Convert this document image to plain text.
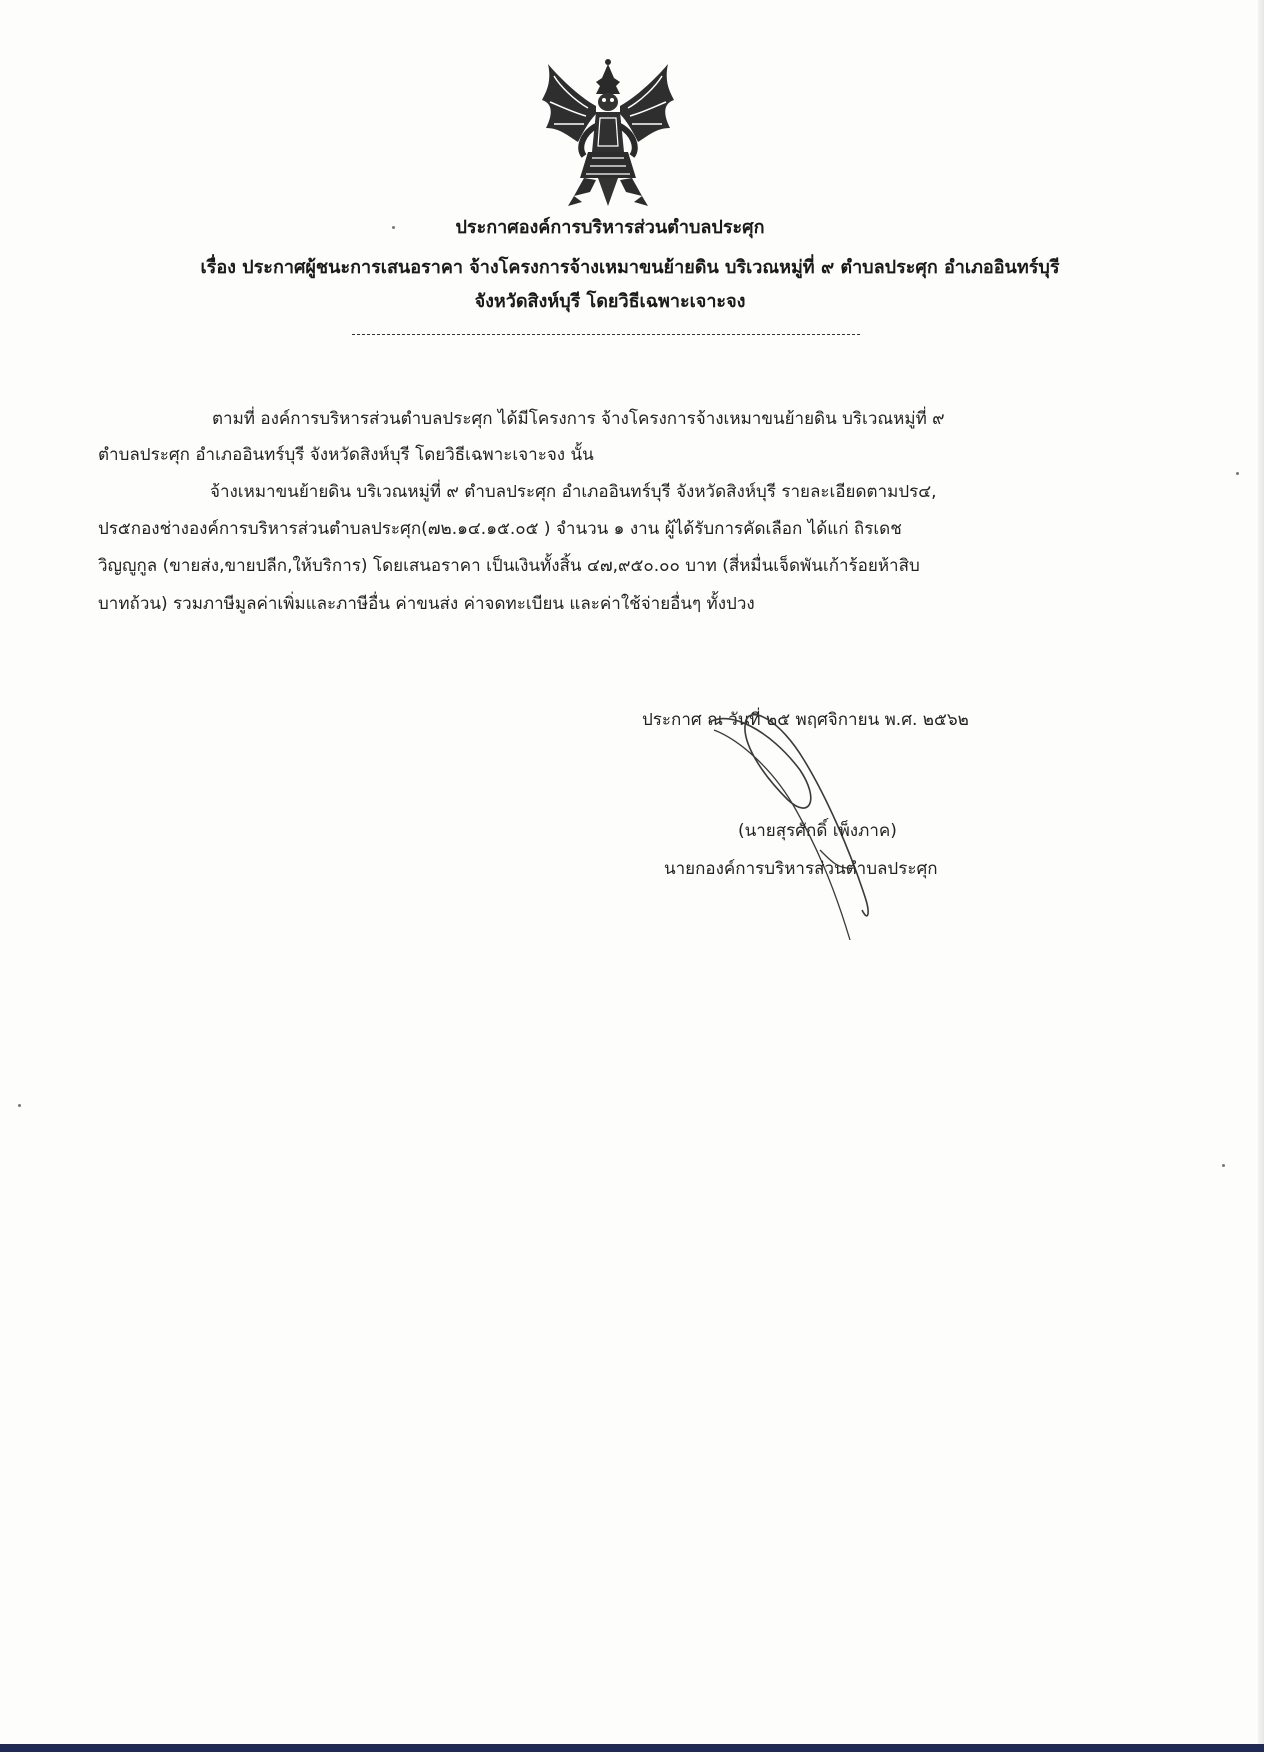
ประกาศองค์การบริหารส่วนตำบลประศุก
เรื่อง ประกาศผู้ชนะการเสนอราคา จ้างโครงการจ้างเหมาขนย้ายดิน บริเวณหมู่ที่ ๙ ตำบลประศุก อำเภออินทร์บุรี
จังหวัดสิงห์บุรี โดยวิธีเฉพาะเจาะจง
ตามที่ องค์การบริหารส่วนตำบลประศุก ได้มีโครงการ จ้างโครงการจ้างเหมาขนย้ายดิน บริเวณหมู่ที่ ๙
ตำบลประศุก อำเภออินทร์บุรี จังหวัดสิงห์บุรี โดยวิธีเฉพาะเจาะจง นั้น
จ้างเหมาขนย้ายดิน บริเวณหมู่ที่ ๙ ตำบลประศุก อำเภออินทร์บุรี จังหวัดสิงห์บุรี รายละเอียดตามปร๔,
ปร๕กองช่างองค์การบริหารส่วนตำบลประศุก(๗๒.๑๔.๑๕.๐๕ ) จำนวน ๑ งาน ผู้ได้รับการคัดเลือก ได้แก่ ถิรเดช
วิญญูกูล (ขายส่ง,ขายปลีก,ให้บริการ) โดยเสนอราคา เป็นเงินทั้งสิ้น ๔๗,๙๕๐.๐๐ บาท (สี่หมื่นเจ็ดพันเก้าร้อยห้าสิบ
บาทถ้วน) รวมภาษีมูลค่าเพิ่มและภาษีอื่น ค่าขนส่ง ค่าจดทะเบียน และค่าใช้จ่ายอื่นๆ ทั้งปวง
ประกาศ ณ วันที่ ๒๕ พฤศจิกายน พ.ศ. ๒๕๖๒
(นายสุรศักดิ์ เพ็งภาค)
นายกองค์การบริหารส่วนตำบลประศุก
